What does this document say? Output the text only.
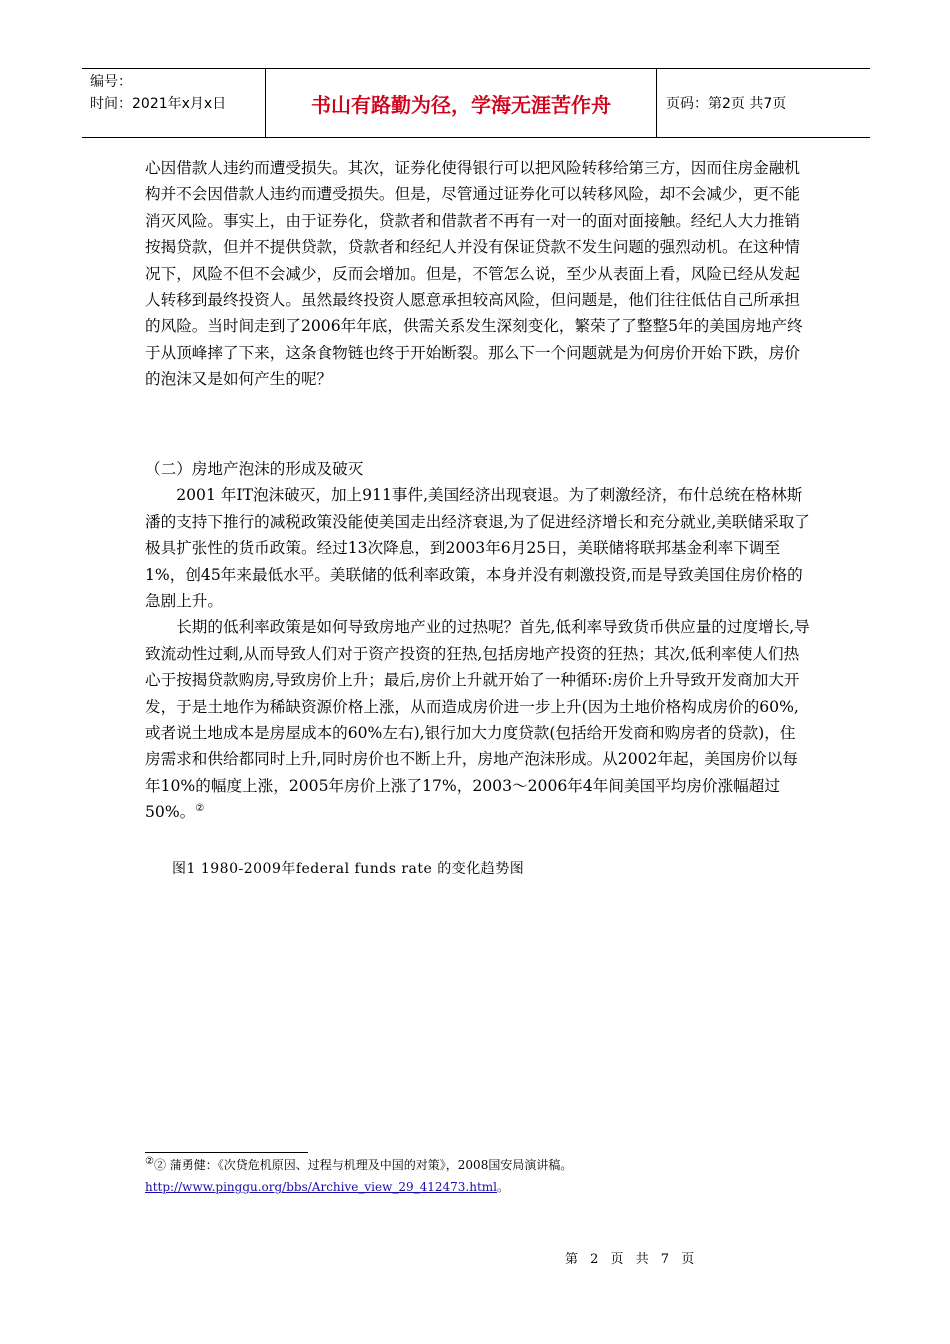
编号：
时间：2021年x月x日	书山有路勤为径，学海无涯苦作舟	页码：第2页 共7页

心因借款人违约而遭受损失。其次，证券化使得银行可以把风险转移给第三方，因而住房金融机构并不会因借款人违约而遭受损失。但是，尽管通过证券化可以转移风险，却不会减少，更不能消灭风险。事实上，由于证券化，贷款者和借款者不再有一对一的面对面接触。经纪人大力推销按揭贷款，但并不提供贷款，贷款者和经纪人并没有保证贷款不发生问题的强烈动机。在这种情况下，风险不但不会减少，反而会增加。但是，不管怎么说，至少从表面上看，风险已经从发起人转移到最终投资人。虽然最终投资人愿意承担较高风险，但问题是，他们往往低估自己所承担的风险。当时间走到了2006年年底，供需关系发生深刻变化，繁荣了了整整5年的美国房地产终于从顶峰摔了下来，这条食物链也终于开始断裂。那么下一个问题就是为何房价开始下跌，房价的泡沫又是如何产生的呢？

（二）房地产泡沫的形成及破灭

2001 年IT泡沫破灭，加上911事件,美国经济出现衰退。为了刺激经济，布什总统在格林斯潘的支持下推行的减税政策没能使美国走出经济衰退,为了促进经济增长和充分就业,美联储采取了极具扩张性的货币政策。经过13次降息，到2003年6月25日，美联储将联邦基金利率下调至1%，创45年来最低水平。美联储的低利率政策，本身并没有刺激投资,而是导致美国住房价格的急剧上升。

长期的低利率政策是如何导致房地产业的过热呢？首先,低利率导致货币供应量的过度增长,导致流动性过剩,从而导致人们对于资产投资的狂热,包括房地产投资的狂热；其次,低利率使人们热心于按揭贷款购房,导致房价上升；最后,房价上升就开始了一种循环:房价上升导致开发商加大开发，于是土地作为稀缺资源价格上涨，从而造成房价进一步上升(因为土地价格构成房价的60%,或者说土地成本是房屋成本的60%左右),银行加大力度贷款(包括给开发商和购房者的贷款)，住房需求和供给都同时上升,同时房价也不断上升，房地产泡沫形成。从2002年起，美国房价以每年10%的幅度上涨，2005年房价上涨了17%，2003～2006年4年间美国平均房价涨幅超过50%。②

图1 1980-2009年federal funds rate 的变化趋势图
②② 蒲勇健：《次贷危机原因、过程与机理及中国的对策》，2008国安局演讲稿。http://www.pinggu.org/bbs/Archive_view_29_412473.html。
第 2 页 共 7 页
